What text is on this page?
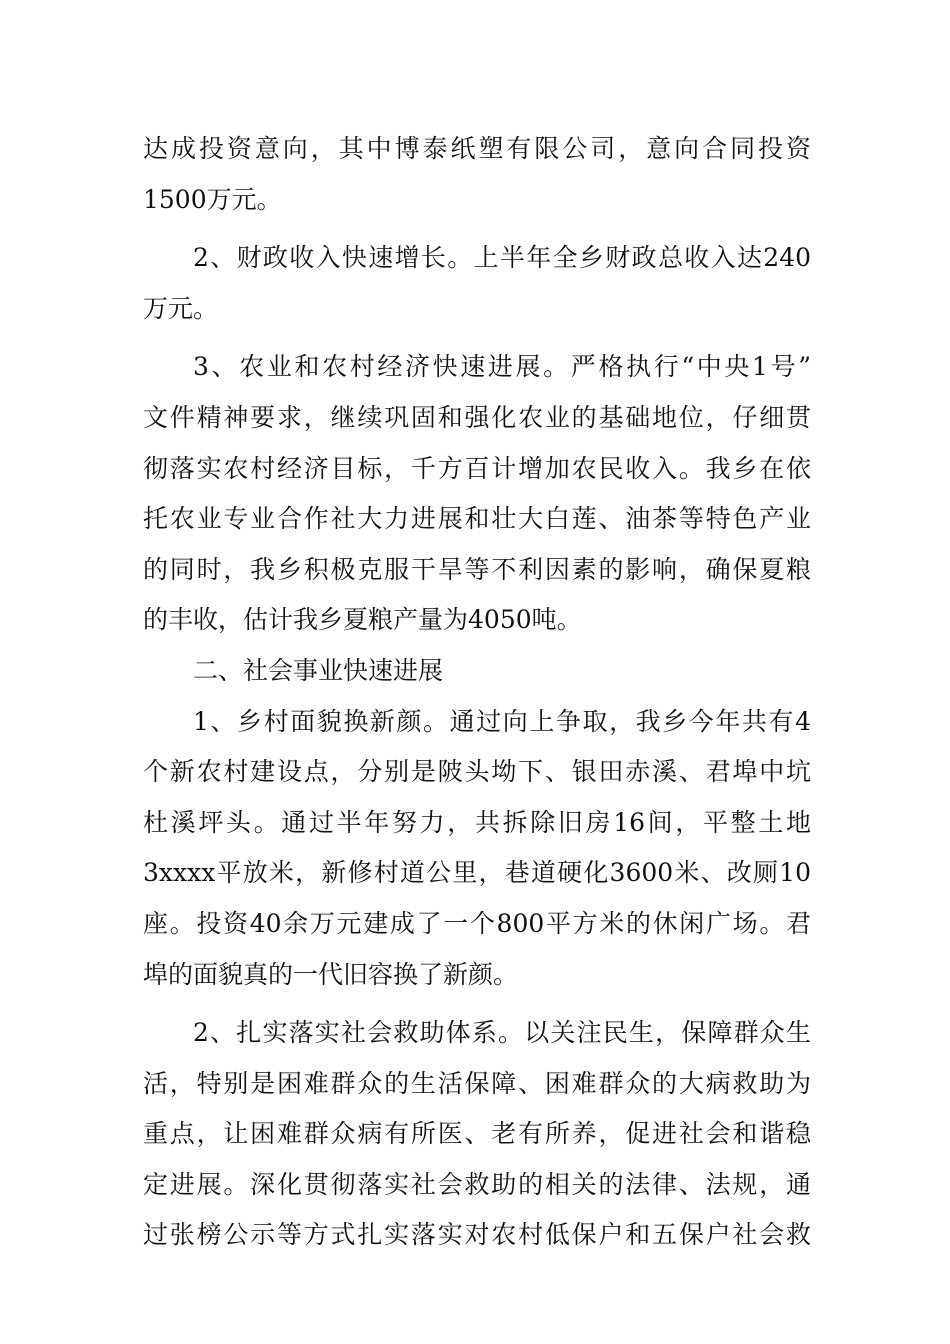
达成投资意向，其中博泰纸塑有限公司，意向合同投资
1500万元。
2、财政收入快速增长。上半年全乡财政总收入达240
万元。
3、农业和农村经济快速进展。严格执行“中央1号”
文件精神要求，继续巩固和强化农业的基础地位，仔细贯
彻落实农村经济目标，千方百计增加农民收入。我乡在依
托农业专业合作社大力进展和壮大白莲、油茶等特色产业
的同时，我乡积极克服干旱等不利因素的影响，确保夏粮
的丰收，估计我乡夏粮产量为4050吨。
二、社会事业快速进展
1、乡村面貌换新颜。通过向上争取，我乡今年共有4
个新农村建设点，分别是陂头坳下、银田赤溪、君埠中坑
杜溪坪头。通过半年努力，共拆除旧房16间，平整土地
3xxxx平放米，新修村道公里，巷道硬化3600米、改厕10
座。投资40余万元建成了一个800平方米的休闲广场。君
埠的面貌真的一代旧容换了新颜。
2、扎实落实社会救助体系。以关注民生，保障群众生
活，特别是困难群众的生活保障、困难群众的大病救助为
重点，让困难群众病有所医、老有所养，促进社会和谐稳
定进展。深化贯彻落实社会救助的相关的法律、法规，通
过张榜公示等方式扎实落实对农村低保户和五保户社会救
